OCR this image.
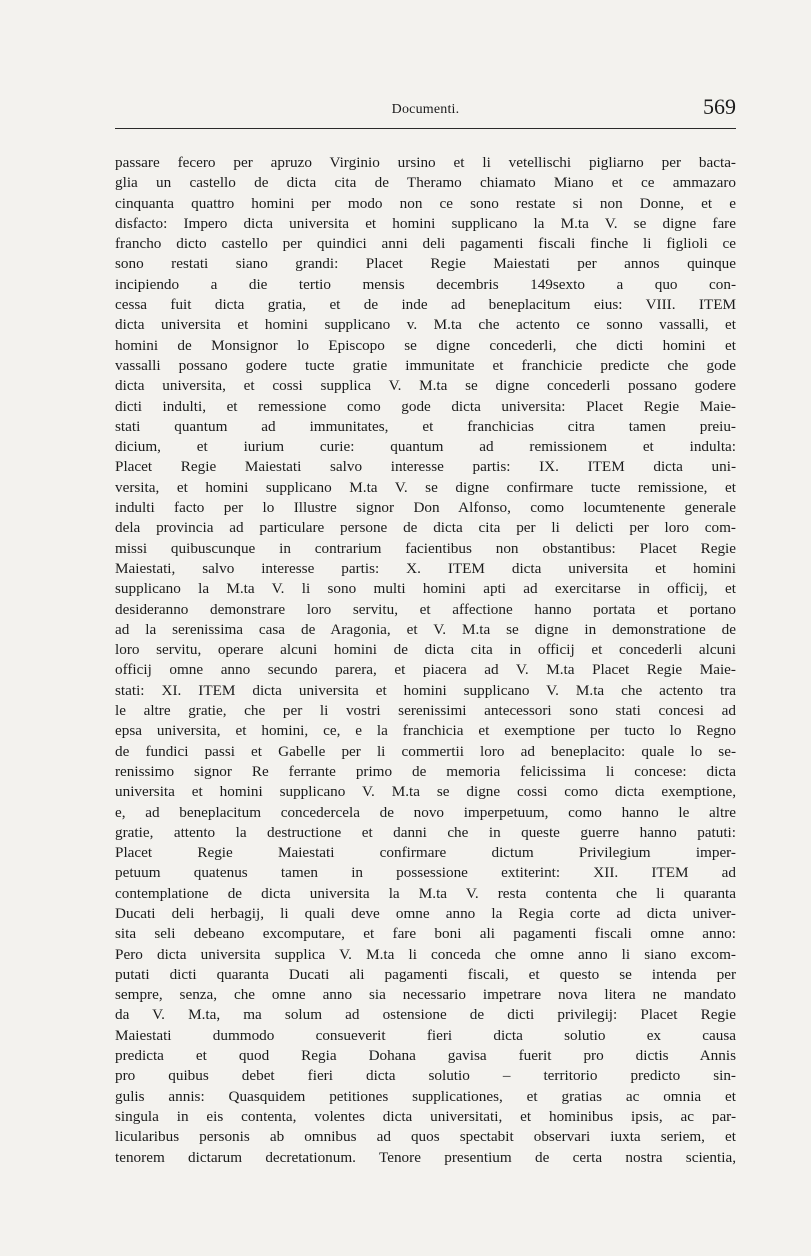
Documenti.	569
passare fecero per apruzo Virginio ursino et li vetellischi pigliarno per bacta-
glia un castello de dicta cita de Theramo chiamato Miano et ce ammazaro
cinquanta quattro homini per modo non ce sono restate si non Donne, et e
disfacto: Impero dicta universita et homini supplicano la M.ta V. se digne fare
francho dicto castello per quindici anni deli pagamenti fiscali finche li figlioli ce
sono restati siano grandi: Placet Regie Maiestati per annos quinque
incipiendo a die tertio mensis decembris 149sexto a quo con-
cessa fuit dicta gratia, et de inde ad beneplacitum eius: VIII. ITEM
dicta universita et homini supplicano v. M.ta che actento ce sonno vassalli, et
homini de Monsignor lo Episcopo se digne concederli, che dicti homini et
vassalli possano godere tucte gratie immunitate et franchicie predicte che gode
dicta universita, et cossi supplica V. M.ta se digne concederli possano godere
dicti indulti, et remessione como gode dicta universita: Placet Regie Maie-
stati quantum ad immunitates, et franchicias citra tamen preiu-
dicium, et iurium curie: quantum ad remissionem et indulta:
Placet Regie Maiestati salvo interesse partis: IX. ITEM dicta uni-
versita, et homini supplicano M.ta V. se digne confirmare tucte remissione, et
indulti facto per lo Illustre signor Don Alfonso, como locumtenente generale
dela provincia ad particulare persone de dicta cita per li delicti per loro com-
missi quibuscunque in contrarium facientibus non obstantibus: Placet Regie
Maiestati, salvo interesse partis: X. ITEM dicta universita et homini
supplicano la M.ta V. li sono multi homini apti ad exercitarse in officij, et
desideranno demonstrare loro servitu, et affectione hanno portata et portano
ad la serenissima casa de Aragonia, et V. M.ta se digne in demonstratione de
loro servitu, operare alcuni homini de dicta cita in officij et concederli alcuni
officij omne anno secundo parera, et piacera ad V. M.ta Placet Regie Maie-
stati: XI. ITEM dicta universita et homini supplicano V. M.ta che actento tra
le altre gratie, che per li vostri serenissimi antecessori sono stati concesi ad
epsa universita, et homini, ce, e la franchicia et exemptione per tucto lo Regno
de fundici passi et Gabelle per li commertii loro ad beneplacito: quale lo se-
renissimo signor Re ferrante primo de memoria felicissima li concese: dicta
universita et homini supplicano V. M.ta se digne cossi como dicta exemptione,
e, ad beneplacitum concedercela de novo imperpetuum, como hanno le altre
gratie, attento la destructione et danni che in queste guerre hanno patuti:
Placet Regie Maiestati confirmare dictum Privilegium imper-
petuum quatenus tamen in possessione extiterint: XII. ITEM ad
contemplatione de dicta universita la M.ta V. resta contenta che li quaranta
Ducati deli herbagij, li quali deve omne anno la Regia corte ad dicta univer-
sita seli debeano excomputare, et fare boni ali pagamenti fiscali omne anno:
Pero dicta universita supplica V. M.ta li conceda che omne anno li siano excom-
putati dicti quaranta Ducati ali pagamenti fiscali, et questo se intenda per
sempre, senza, che omne anno sia necessario impetrare nova litera ne mandato
da V. M.ta, ma solum ad ostensione de dicti privilegij: Placet Regie
Maiestati dummodo consueverit fieri dicta solutio ex causa
predicta et quod Regia Dohana gavisa fuerit pro dictis Annis
pro quibus debet fieri dicta solutio – territorio predicto sin-
gulis annis: Quasquidem petitiones supplicationes, et gratias ac omnia et
singula in eis contenta, volentes dicta universitati, et hominibus ipsis, ac par-
licularibus personis ab omnibus ad quos spectabit observari iuxta seriem, et
tenorem dictarum decretationum. Tenore presentium de certa nostra scientia,
